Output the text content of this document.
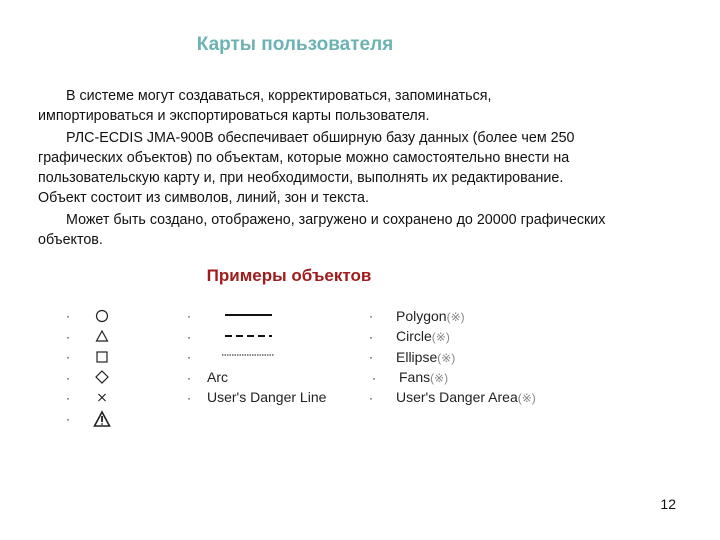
Карты пользователя
В системе могут создаваться, корректироваться, запоминаться,
импортироваться и экспортироваться карты пользователя.
РЛС-ECDIS JMA-900B обеспечивает обширную базу данных (более чем 250
графических объектов) по объектам, которые можно самостоятельно внести на
пользовательскую карту и, при необходимости, выполнять их редактирование.
Объект состоит из символов, линий, зон и текста.
Может быть создано, отображено, загружено и сохранено до 20000 графических
объектов.
Примеры объектов
·
·
·
·
·
·
·
·
·
·
·
Arc
User's Danger Line
·
·
·
·
·
Polygon(※)
Circle(※)
Ellipse(※)
Fans(※)
User's Danger Area(※)
12
